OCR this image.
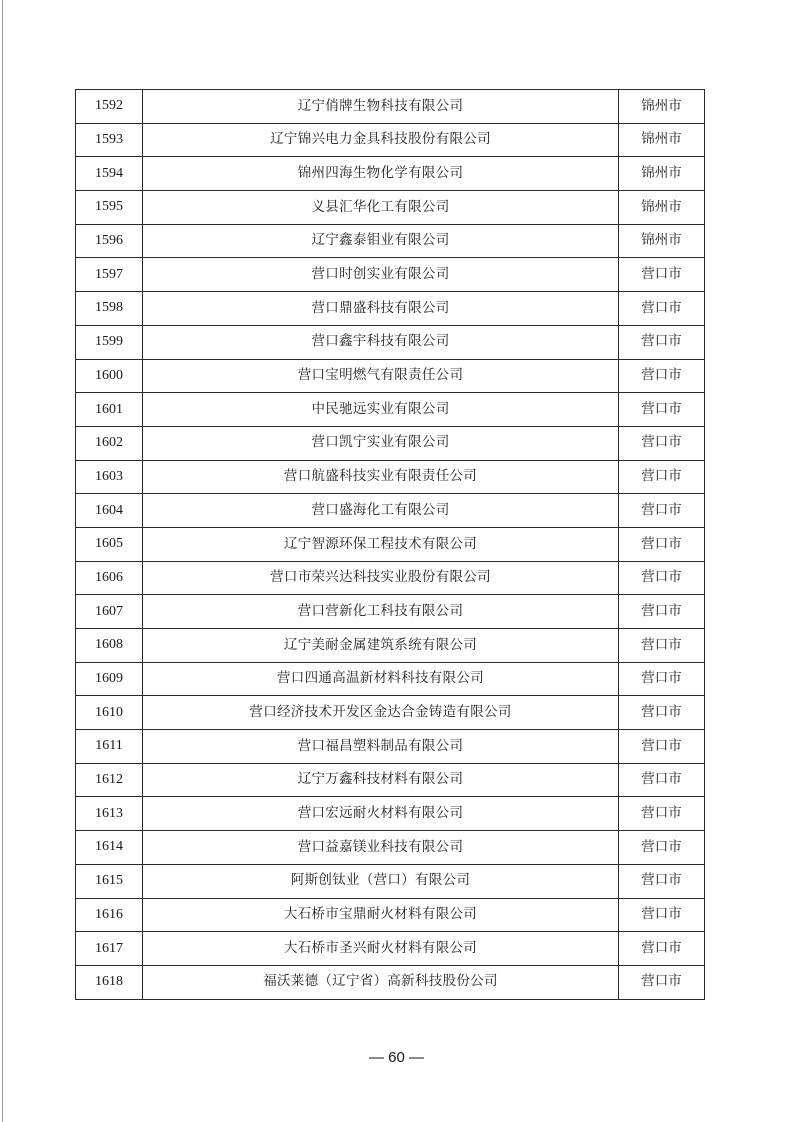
1592	辽宁俏牌生物科技有限公司	锦州市
1593	辽宁锦兴电力金具科技股份有限公司	锦州市
1594	锦州四海生物化学有限公司	锦州市
1595	义县汇华化工有限公司	锦州市
1596	辽宁鑫泰钼业有限公司	锦州市
1597	营口时创实业有限公司	营口市
1598	营口鼎盛科技有限公司	营口市
1599	营口鑫宇科技有限公司	营口市
1600	营口宝明燃气有限责任公司	营口市
1601	中民驰远实业有限公司	营口市
1602	营口凯宁实业有限公司	营口市
1603	营口航盛科技实业有限责任公司	营口市
1604	营口盛海化工有限公司	营口市
1605	辽宁智源环保工程技术有限公司	营口市
1606	营口市荣兴达科技实业股份有限公司	营口市
1607	营口营新化工科技有限公司	营口市
1608	辽宁美耐金属建筑系统有限公司	营口市
1609	营口四通高温新材料科技有限公司	营口市
1610	营口经济技术开发区金达合金铸造有限公司	营口市
1611	营口福昌塑料制品有限公司	营口市
1612	辽宁万鑫科技材料有限公司	营口市
1613	营口宏远耐火材料有限公司	营口市
1614	营口益嘉镁业科技有限公司	营口市
1615	阿斯创钛业（营口）有限公司	营口市
1616	大石桥市宝鼎耐火材料有限公司	营口市
1617	大石桥市圣兴耐火材料有限公司	营口市
1618	福沃莱德（辽宁省）高新科技股份公司	营口市
— 60 —
